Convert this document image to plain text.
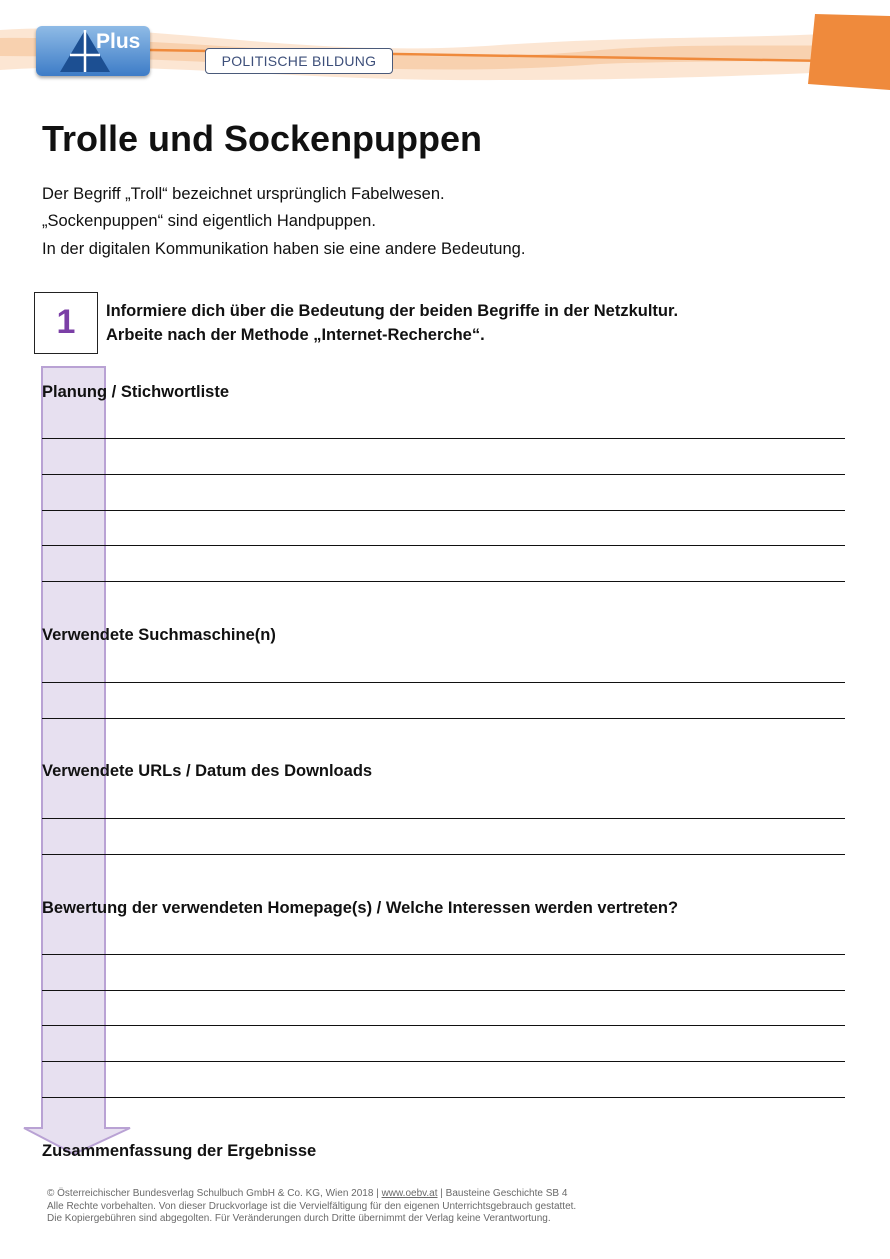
Plus
POLITISCHE BILDUNG
Trolle und Sockenpuppen
Der Begriff „Troll“ bezeichnet ursprünglich Fabelwesen.
„Sockenpuppen“ sind eigentlich Handpuppen.
In der digitalen Kommunikation haben sie eine andere Bedeutung.
1	Informiere dich über die Bedeutung der beiden Begriffe in der Netzkultur.
Arbeite nach der Methode „Internet-Recherche“.
Planung / Stichwortliste
Verwendete Suchmaschine(n)
Verwendete URLs / Datum des Downloads
Bewertung der verwendeten Homepage(s) / Welche Interessen werden vertreten?
Zusammenfassung der Ergebnisse
© Österreichischer Bundesverlag Schulbuch GmbH & Co. KG, Wien 2018 | www.oebv.at | Bausteine Geschichte SB 4
Alle Rechte vorbehalten. Von dieser Druckvorlage ist die Vervielfältigung für den eigenen Unterrichtsgebrauch gestattet.
Die Kopiergebühren sind abgegolten. Für Veränderungen durch Dritte übernimmt der Verlag keine Verantwortung.
